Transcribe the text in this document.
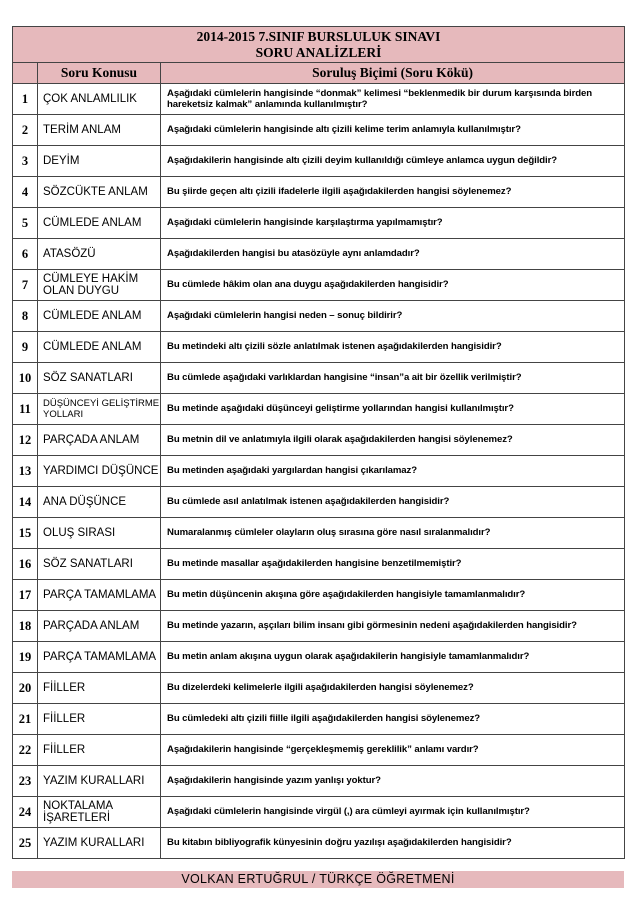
2014-2015 7.SINIF BURSLULUK SINAVI
SORU ANALİZLERİ		

	Soru Konusu	Soruluş Biçimi (Soru Kökü)
1	ÇOK ANLAMLILIK	Aşağıdaki cümlelerin hangisinde “donmak” kelimesi “beklenmedik bir durum karşısında birden hareketsiz kalmak” anlamında kullanılmıştır?
2	TERİM ANLAM	Aşağıdaki cümlelerin hangisinde altı çizili kelime terim anlamıyla kullanılmıştır?
3	DEYİM	Aşağıdakilerin hangisinde altı çizili deyim kullanıldığı cümleye anlamca uygun değildir?
4	SÖZCÜKTE ANLAM	Bu şiirde geçen altı çizili ifadelerle ilgili aşağıdakilerden hangisi söylenemez?
5	CÜMLEDE ANLAM	Aşağıdaki cümlelerin hangisinde karşılaştırma yapılmamıştır?
6	ATASÖZÜ	Aşağıdakilerden hangisi bu atasözüyle aynı anlamdadır?
7	CÜMLEYE HAKİM OLAN DUYGU	Bu cümlede hâkim olan ana duygu aşağıdakilerden hangisidir?
8	CÜMLEDE ANLAM	Aşağıdaki cümlelerin hangisi neden – sonuç bildirir?
9	CÜMLEDE ANLAM	Bu metindeki altı çizili sözle anlatılmak istenen aşağıdakilerden hangisidir?
10	SÖZ SANATLARI	Bu cümlede aşağıdaki varlıklardan hangisine “insan”a ait bir özellik verilmiştir?
11	DÜŞÜNCEYİ GELİŞTİRME YOLLARI	Bu metinde aşağıdaki düşünceyi geliştirme yollarından hangisi kullanılmıştır?
12	PARÇADA ANLAM	Bu metnin dil ve anlatımıyla ilgili olarak aşağıdakilerden hangisi söylenemez?
13	YARDIMCI DÜŞÜNCE	Bu metinden aşağıdaki yargılardan hangisi çıkarılamaz?
14	ANA DÜŞÜNCE	Bu cümlede asıl anlatılmak istenen aşağıdakilerden hangisidir?
15	OLUŞ SIRASI	Numaralanmış cümleler olayların oluş sırasına göre nasıl sıralanmalıdır?
16	SÖZ SANATLARI	Bu metinde masallar aşağıdakilerden hangisine benzetilmemiştir?
17	PARÇA TAMAMLAMA	Bu metin düşüncenin akışına göre aşağıdakilerden hangisiyle tamamlanmalıdır?
18	PARÇADA ANLAM	Bu metinde yazarın, aşçıları bilim insanı gibi görmesinin nedeni aşağıdakilerden hangisidir?
19	PARÇA TAMAMLAMA	Bu metin anlam akışına uygun olarak aşağıdakilerin hangisiyle tamamlanmalıdır?
20	FİİLLER	Bu dizelerdeki kelimelerle ilgili aşağıdakilerden hangisi söylenemez?
21	FİİLLER	Bu cümledeki altı çizili fiille ilgili aşağıdakilerden hangisi söylenemez?
22	FİİLLER	Aşağıdakilerin hangisinde “gerçekleşmemiş gereklilik” anlamı vardır?
23	YAZIM KURALLARI	Aşağıdakilerin hangisinde yazım yanlışı yoktur?
24	NOKTALAMA İŞARETLERİ	Aşağıdaki cümlelerin hangisinde virgül (,) ara cümleyi ayırmak için kullanılmıştır?
25	YAZIM KURALLARI	Bu kitabın bibliyografik künyesinin doğru yazılışı aşağıdakilerden hangisidir?
VOLKAN ERTUĞRUL / TÜRKÇE ÖĞRETMENİ
